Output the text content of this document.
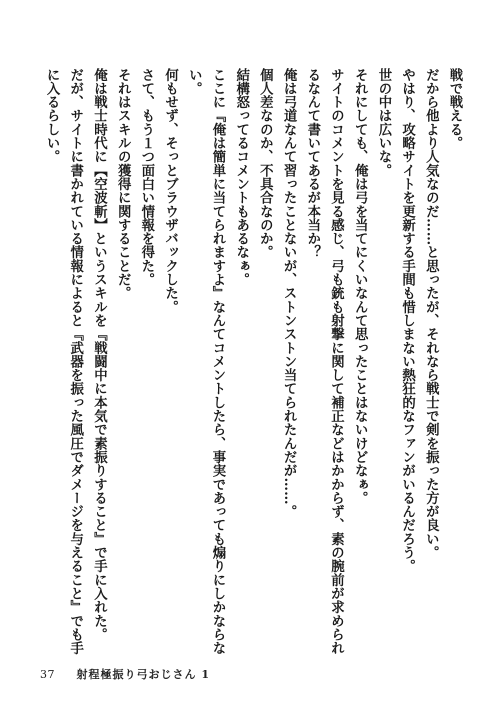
戦で戦える。
だから他より人気なのだ……と思ったが、それなら戦士で剣を振った方が良い。
やはり、攻略サイトを更新する手間も惜しまない熱狂的なファンがいるんだろう。
世の中は広いな。
それにしても、俺は弓を当てにくいなんて思ったことはないけどなぁ。
サイトのコメントを見る感じ、弓も銃も射撃に関して補正などはかからず、素の腕前が求められ
るなんて書いてあるが本当か？
俺は弓道なんて習ったことないが、ストンストン当てられたんだが……。
個人差なのか、不具合なのか。
結構怒ってるコメントもあるなぁ。
ここに『俺は簡単に当てられますよ』なんてコメントしたら、事実であっても煽りにしかならな
い。
何もせず、そっとブラウザバックした。
さて、もう１つ面白い情報を得た。
それはスキルの獲得に関することだ。
俺は戦士時代に【空波斬】というスキルを『戦闘中に本気で素振りすること』で手に入れた。
だが、サイトに書かれている情報によると『武器を振った風圧でダメージを与えること』でも手
に入るらしい。
37 射程極振り弓おじさん 1
